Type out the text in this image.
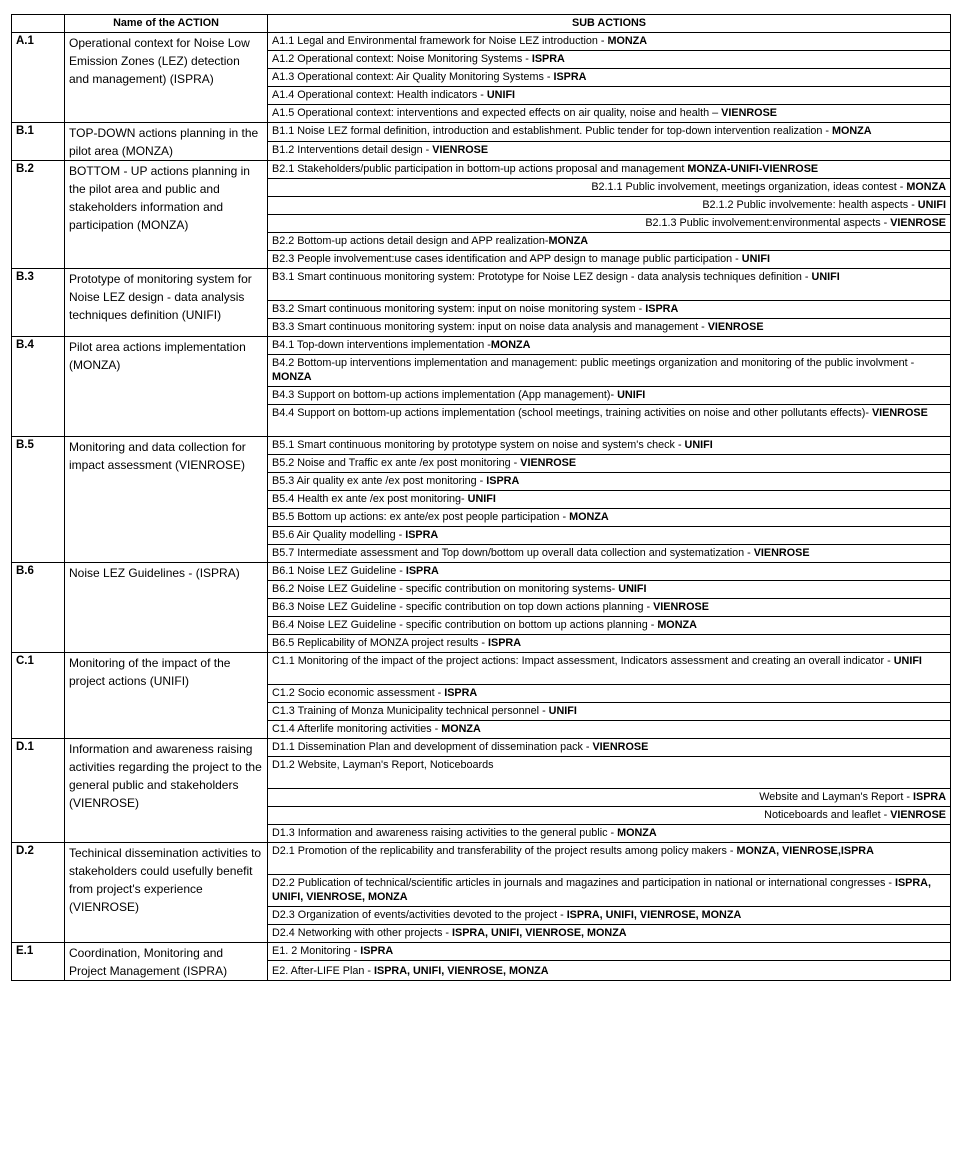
	Name of the ACTION	SUB ACTIONS
A.1	Operational context for Noise Low Emission Zones (LEZ) detection and management) (ISPRA)	A1.1 Legal and Environmental framework for Noise LEZ introduction - MONZA
		A1.2 Operational context: Noise Monitoring Systems - ISPRA
		A1.3 Operational context: Air Quality Monitoring Systems - ISPRA
		A1.4 Operational context: Health indicators - UNIFI
		A1.5 Operational context: interventions and expected effects on air quality, noise and health – VIENROSE
B.1	TOP-DOWN actions planning in the pilot area (MONZA)	B1.1 Noise LEZ formal definition, introduction and establishment. Public tender for top-down intervention realization - MONZA
		B1.2 Interventions detail design - VIENROSE
B.2	BOTTOM - UP actions planning in the pilot area and public and stakeholders information and participation (MONZA)	B2.1 Stakeholders/public participation in bottom-up actions proposal and management MONZA-UNIFI-VIENROSE
		B2.1.1 Public involvement, meetings organization, ideas contest - MONZA
		B2.1.2 Public involvemente: health aspects - UNIFI
		B2.1.3 Public involvement:environmental aspects - VIENROSE
		B2.2 Bottom-up actions detail design and APP realization-MONZA
		B2.3 People involvement:use cases identification and APP design to manage public participation - UNIFI
B.3	Prototype of monitoring system for Noise LEZ design - data analysis techniques definition (UNIFI)	B3.1 Smart continuous monitoring system: Prototype for Noise LEZ design - data analysis techniques definition - UNIFI
		B3.2 Smart continuous monitoring system: input on noise monitoring system - ISPRA
		B3.3 Smart continuous monitoring system: input on noise data analysis and management - VIENROSE
B.4	Pilot area actions implementation (MONZA)	B4.1 Top-down interventions implementation -MONZA
		B4.2 Bottom-up interventions implementation and management: public meetings organization and monitoring of the public involvment - MONZA
		B4.3 Support on bottom-up actions implementation (App management)- UNIFI
		B4.4 Support on bottom-up actions implementation (school meetings, training activities on noise and other pollutants effects)- VIENROSE
B.5	Monitoring and data collection for impact assessment (VIENROSE)	B5.1 Smart continuous monitoring by prototype system on noise and system's check - UNIFI
		B5.2 Noise and Traffic ex ante /ex post monitoring - VIENROSE
		B5.3 Air quality ex ante /ex post monitoring - ISPRA
		B5.4 Health ex ante /ex post monitoring- UNIFI
		B5.5 Bottom up actions: ex ante/ex post people participation - MONZA
		B5.6 Air Quality modelling - ISPRA
		B5.7 Intermediate assessment and Top down/bottom up overall data collection and systematization - VIENROSE
B.6	Noise LEZ Guidelines - (ISPRA)	B6.1 Noise LEZ Guideline - ISPRA
		B6.2 Noise LEZ Guideline - specific contribution on monitoring systems- UNIFI
		B6.3 Noise LEZ Guideline - specific contribution on top down actions planning - VIENROSE
		B6.4 Noise LEZ Guideline - specific contribution on bottom up actions planning - MONZA
		B6.5 Replicability of MONZA project results - ISPRA
C.1	Monitoring of the impact of the project actions (UNIFI)	C1.1 Monitoring of the impact of the project actions: Impact assessment, Indicators assessment and creating an overall indicator - UNIFI
		C1.2 Socio economic assessment - ISPRA
		C1.3 Training of Monza Municipality technical personnel - UNIFI
		C1.4 Afterlife monitoring activities - MONZA
D.1	Information and awareness raising activities regarding the project to the general public and stakeholders (VIENROSE)	D1.1 Dissemination Plan and development of dissemination pack - VIENROSE
		D1.2 Website, Layman's Report, Noticeboards
		Website and Layman's Report - ISPRA
		Noticeboards and leaflet - VIENROSE
		D1.3 Information and awareness raising activities to the general public - MONZA
D.2	Techinical dissemination activities to stakeholders could usefully benefit from project's experience (VIENROSE)	D2.1 Promotion of the replicability and transferability of the project results among policy makers - MONZA, VIENROSE,ISPRA
		D2.2 Publication of technical/scientific articles in journals and magazines and participation in national or international congresses - ISPRA, UNIFI, VIENROSE, MONZA
		D2.3 Organization of events/activities devoted to the project - ISPRA, UNIFI, VIENROSE, MONZA
		D2.4 Networking with other projects - ISPRA, UNIFI, VIENROSE, MONZA
E.1	Coordination, Monitoring and Project Management (ISPRA)	E1. 2 Monitoring - ISPRA
		E2. After-LIFE Plan - ISPRA, UNIFI, VIENROSE, MONZA
